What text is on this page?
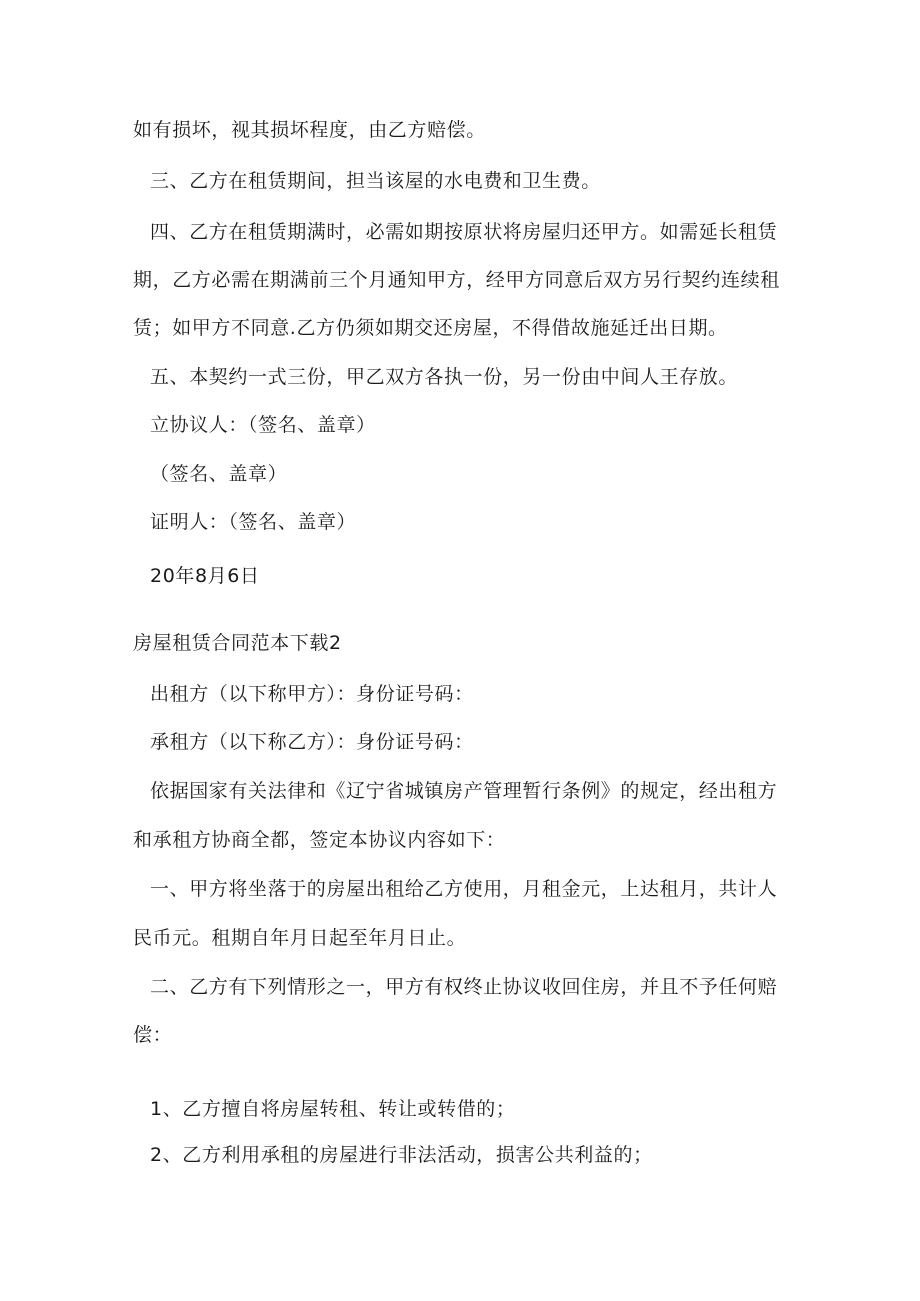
如有损坏，视其损坏程度，由乙方赔偿。
三、乙方在租赁期间，担当该屋的水电费和卫生费。
四、乙方在租赁期满时，必需如期按原状将房屋归还甲方。如需延长租赁
期，乙方必需在期满前三个月通知甲方，经甲方同意后双方另行契约连续租
赁；如甲方不同意.乙方仍须如期交还房屋，不得借故施延迁出日期。
五、本契约一式三份，甲乙双方各执一份，另一份由中间人王存放。
立协议人：（签名、盖章）
（签名、盖章）
证明人：（签名、盖章）
20年8月6日
房屋租赁合同范本下载2
出租方（以下称甲方）：身份证号码：
承租方（以下称乙方）：身份证号码：
依据国家有关法律和《辽宁省城镇房产管理暂行条例》的规定，经出租方
和承租方协商全都，签定本协议内容如下：
一、甲方将坐落于的房屋出租给乙方使用，月租金元，上达租月，共计人
民币元。租期自年月日起至年月日止。
二、乙方有下列情形之一，甲方有权终止协议收回住房，并且不予任何赔
偿：
1、乙方擅自将房屋转租、转让或转借的；
2、乙方利用承租的房屋进行非法活动，损害公共利益的；
